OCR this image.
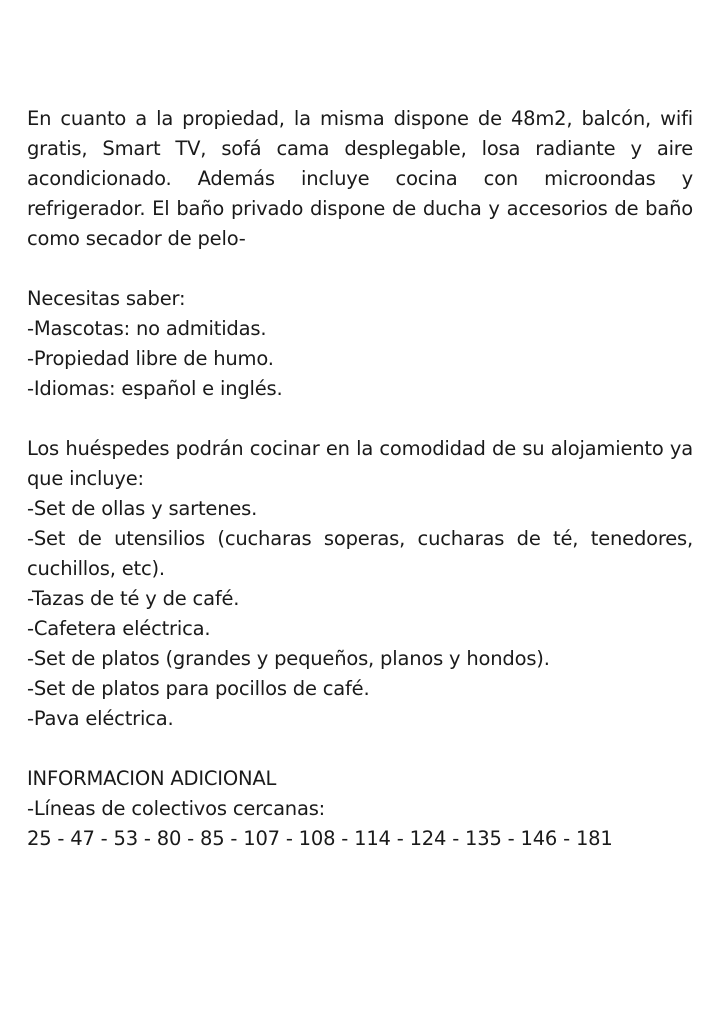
En cuanto a la propiedad, la misma dispone de 48m2, balcón, wifi gratis, Smart TV, sofá cama desplegable, losa radiante y aire acondicionado. Además incluye cocina con microondas y refrigerador. El baño privado dispone de ducha y accesorios de baño como secador de pelo-

Necesitas saber:

-Mascotas: no admitidas.

-Propiedad libre de humo.

-Idiomas: español e inglés.

Los huéspedes podrán cocinar en la comodidad de su alojamiento ya que incluye:

-Set de ollas y sartenes.

-Set de utensilios (cucharas soperas, cucharas de té, tenedores, cuchillos, etc).

-Tazas de té y de café.

-Cafetera eléctrica.

-Set de platos (grandes y pequeños, planos y hondos).

-Set de platos para pocillos de café.

-Pava eléctrica.

INFORMACION ADICIONAL

-Líneas de colectivos cercanas:

25 - 47 - 53 - 80 - 85 - 107 - 108 - 114 - 124 - 135 - 146 - 181
